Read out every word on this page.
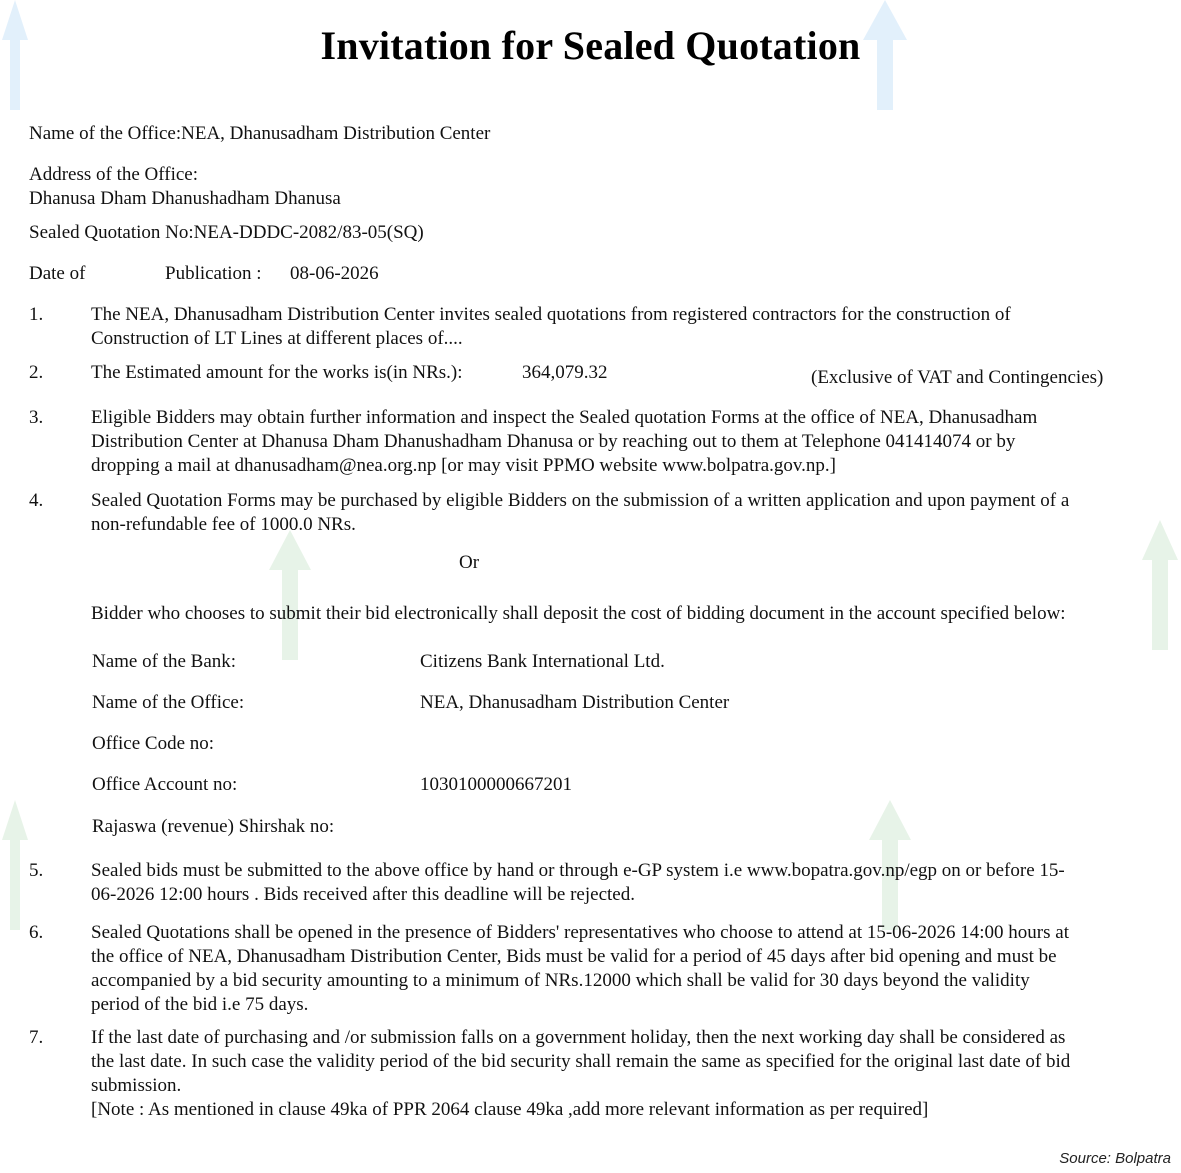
Invitation for Sealed Quotation
Name of the Office:NEA, Dhanusadham Distribution Center
Address of the Office:
Dhanusa Dham Dhanushadham Dhanusa
Sealed Quotation No:NEA-DDDC-2082/83-05(SQ)
Date of	Publication : 08-06-2026
1.	The NEA, Dhanusadham Distribution Center invites sealed quotations from registered contractors for the construction of
Construction of LT Lines at different places of....
2.	The Estimated amount for the works is(in NRs.):	364,079.32	(Exclusive of VAT and Contingencies)
3.	Eligible Bidders may obtain further information and inspect the Sealed quotation Forms at the office of NEA, Dhanusadham
Distribution Center at Dhanusa Dham Dhanushadham Dhanusa or by reaching out to them at Telephone 041414074 or by
dropping a mail at dhanusadham@nea.org.np [or may visit PPMO website www.bolpatra.gov.np.]
4.	Sealed Quotation Forms may be purchased by eligible Bidders on the submission of a written application and upon payment of a
non-refundable fee of 1000.0 NRs.
Or
Bidder who chooses to submit their bid electronically shall deposit the cost of bidding document in the account specified below:
Name of the Bank:	Citizens Bank International Ltd.
Name of the Office:	NEA, Dhanusadham Distribution Center
Office Code no:
Office Account no:	1030100000667201
Rajaswa (revenue) Shirshak no:
5.	Sealed bids must be submitted to the above office by hand or through e-GP system i.e www.bopatra.gov.np/egp on or before 15-
06-2026 12:00 hours . Bids received after this deadline will be rejected.
6.	Sealed Quotations shall be opened in the presence of Bidders' representatives who choose to attend at 15-06-2026 14:00 hours at
the office of NEA, Dhanusadham Distribution Center, Bids must be valid for a period of 45 days after bid opening and must be
accompanied by a bid security amounting to a minimum of NRs.12000 which shall be valid for 30 days beyond the validity
period of the bid i.e 75 days.
7.	If the last date of purchasing and /or submission falls on a government holiday, then the next working day shall be considered as
the last date. In such case the validity period of the bid security shall remain the same as specified for the original last date of bid
submission.
[Note : As mentioned in clause 49ka of PPR 2064 clause 49ka ,add more relevant information as per required]
Source: Bolpatra
